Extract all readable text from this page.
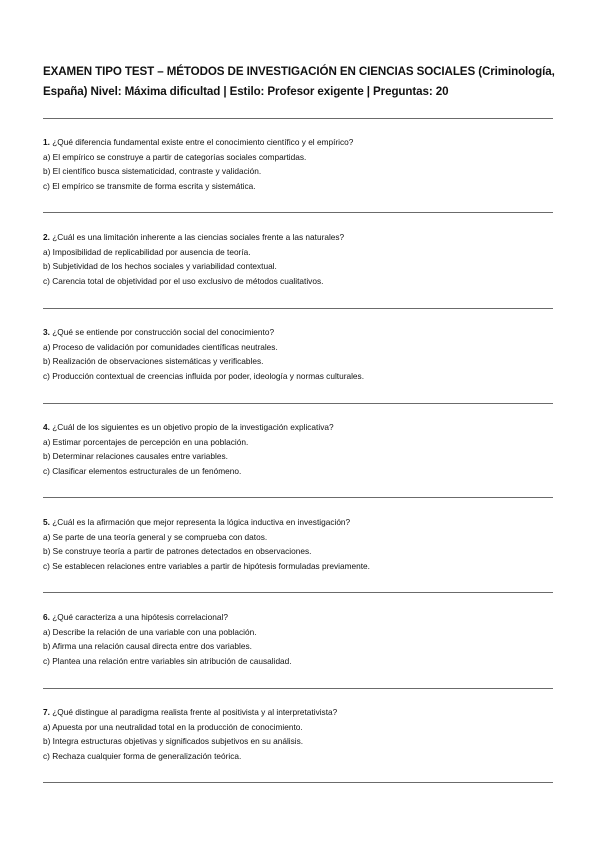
EXAMEN TIPO TEST – MÉTODOS DE INVESTIGACIÓN EN CIENCIAS SOCIALES (Criminología,
España) Nivel: Máxima dificultad | Estilo: Profesor exigente | Preguntas: 20
1. ¿Qué diferencia fundamental existe entre el conocimiento científico y el empírico?
a) El empírico se construye a partir de categorías sociales compartidas.
b) El científico busca sistematicidad, contraste y validación.
c) El empírico se transmite de forma escrita y sistemática.
2. ¿Cuál es una limitación inherente a las ciencias sociales frente a las naturales?
a) Imposibilidad de replicabilidad por ausencia de teoría.
b) Subjetividad de los hechos sociales y variabilidad contextual.
c) Carencia total de objetividad por el uso exclusivo de métodos cualitativos.
3. ¿Qué se entiende por construcción social del conocimiento?
a) Proceso de validación por comunidades científicas neutrales.
b) Realización de observaciones sistemáticas y verificables.
c) Producción contextual de creencias influida por poder, ideología y normas culturales.
4. ¿Cuál de los siguientes es un objetivo propio de la investigación explicativa?
a) Estimar porcentajes de percepción en una población.
b) Determinar relaciones causales entre variables.
c) Clasificar elementos estructurales de un fenómeno.
5. ¿Cuál es la afirmación que mejor representa la lógica inductiva en investigación?
a) Se parte de una teoría general y se comprueba con datos.
b) Se construye teoría a partir de patrones detectados en observaciones.
c) Se establecen relaciones entre variables a partir de hipótesis formuladas previamente.
6. ¿Qué caracteriza a una hipótesis correlacional?
a) Describe la relación de una variable con una población.
b) Afirma una relación causal directa entre dos variables.
c) Plantea una relación entre variables sin atribución de causalidad.
7. ¿Qué distingue al paradigma realista frente al positivista y al interpretativista?
a) Apuesta por una neutralidad total en la producción de conocimiento.
b) Integra estructuras objetivas y significados subjetivos en su análisis.
c) Rechaza cualquier forma de generalización teórica.
